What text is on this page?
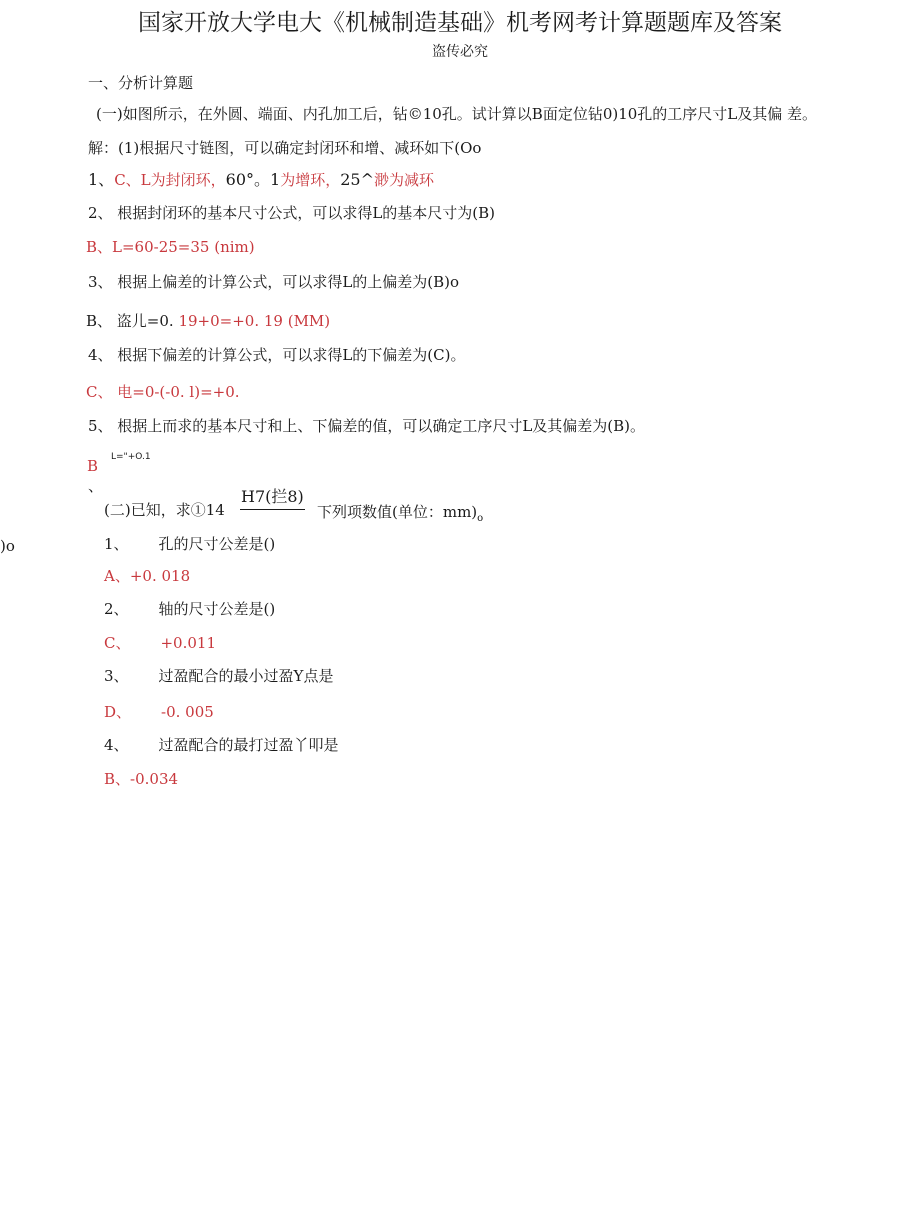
国家开放大学电大《机械制造基础》机考网考计算题题库及答案
盗传必究
一、分析计算题
(一)如图所示，在外圆、端面、内孔加工后，钻©10孔。试计算以B面定位钻0)10孔的工序尺寸L及其偏 差。
解：(1)根据尺寸链图，可以确定封闭环和增、减环如下(Oo
1、C、L为封闭环，60°。1为增环，25^渺为减环
2、 根据封闭环的基本尺寸公式，可以求得L的基本尺寸为(B)
B、L=60-25=35 (nim)
3、 根据上偏差的计算公式，可以求得L的上偏差为(B)o
B、 盗儿=0. 19+0=+0. 19 (MM)
4、 根据下偏差的计算公式，可以求得L的下偏差为(C)。
C、 电=0-(-0. l)=+0.
5、 根据上而求的基本尺寸和上、下偏差的值，可以确定工序尺寸L及其偏差为(B)。
B L="+O.1
、
(二)已知，求①14
H7(拦8)
下列项数值(单位：$mm)_o$
)o	1、 孔的尺寸公差是()
A、+0. 018
2、 轴的尺寸公差是()
C、 +0.011
3、 过盈配合的最小过盈Y点是
D、 -0. 005
4、 过盈配合的最打过盈丫叩是
B、-0.034
